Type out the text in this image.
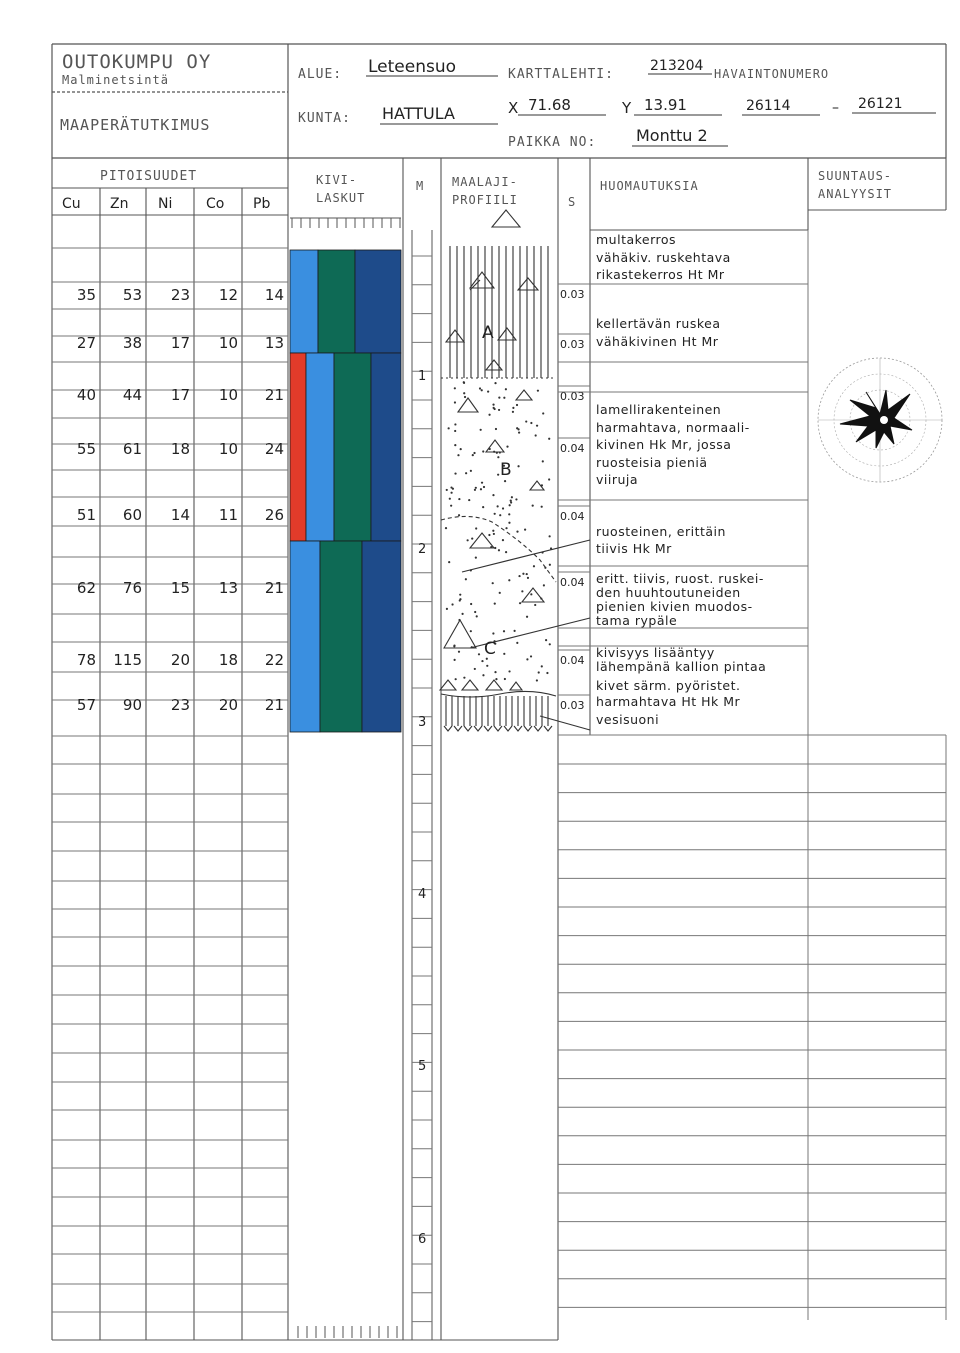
OUTOKUMPU OY
Malminetsintä
MAAPERÄTUTKIMUS
ALUE: Leteensuo	KARTTALEHTI:
213204 HAVAINTONUMERO
KUNTA: HATTULA	X 71.68	Y 13.91	26114	– 26121
PAIKKA NO: Monttu 2
PITOISUUDET
Cu Zn Ni Co Pb
KIVI-LASKUT
M MAALAJI-PROFIILI	S
HUOMAUTUKSIA
SUUNTAUS-ANALYYSIT
35 53 23 12 14
27 38 17 10 13
40 44 17 10 21
55 61 18 10 24
51 60 14 11 26
62 76 15 13 21
78 115 20 18 22
57 90 23 20 21
1
2
3
4
5
6
A
B
C
0.03
0.03
0.03
0.04
0.04
0.04
0.04
0.03
multakerros
vähäkiv. ruskehtava
rikastekerros Ht Mr
kellertävän ruskea
vähäkivinen Ht Mr
lamellirakenteinen
harmahtava, normaali-
kivinen Hk Mr, jossa
ruosteisia pieniä
viiruja
ruosteinen, erittäin
tiivis Hk Mr
eritt. tiivis, ruost. ruskei-
den huuhtoutuneiden
pienien kivien muodos-
tama rypäle
kivisyys lisääntyy
lähempänä kallion pintaa
kivet särm. pyöristet.
harmahtava Ht Hk Mr
vesisuoni
